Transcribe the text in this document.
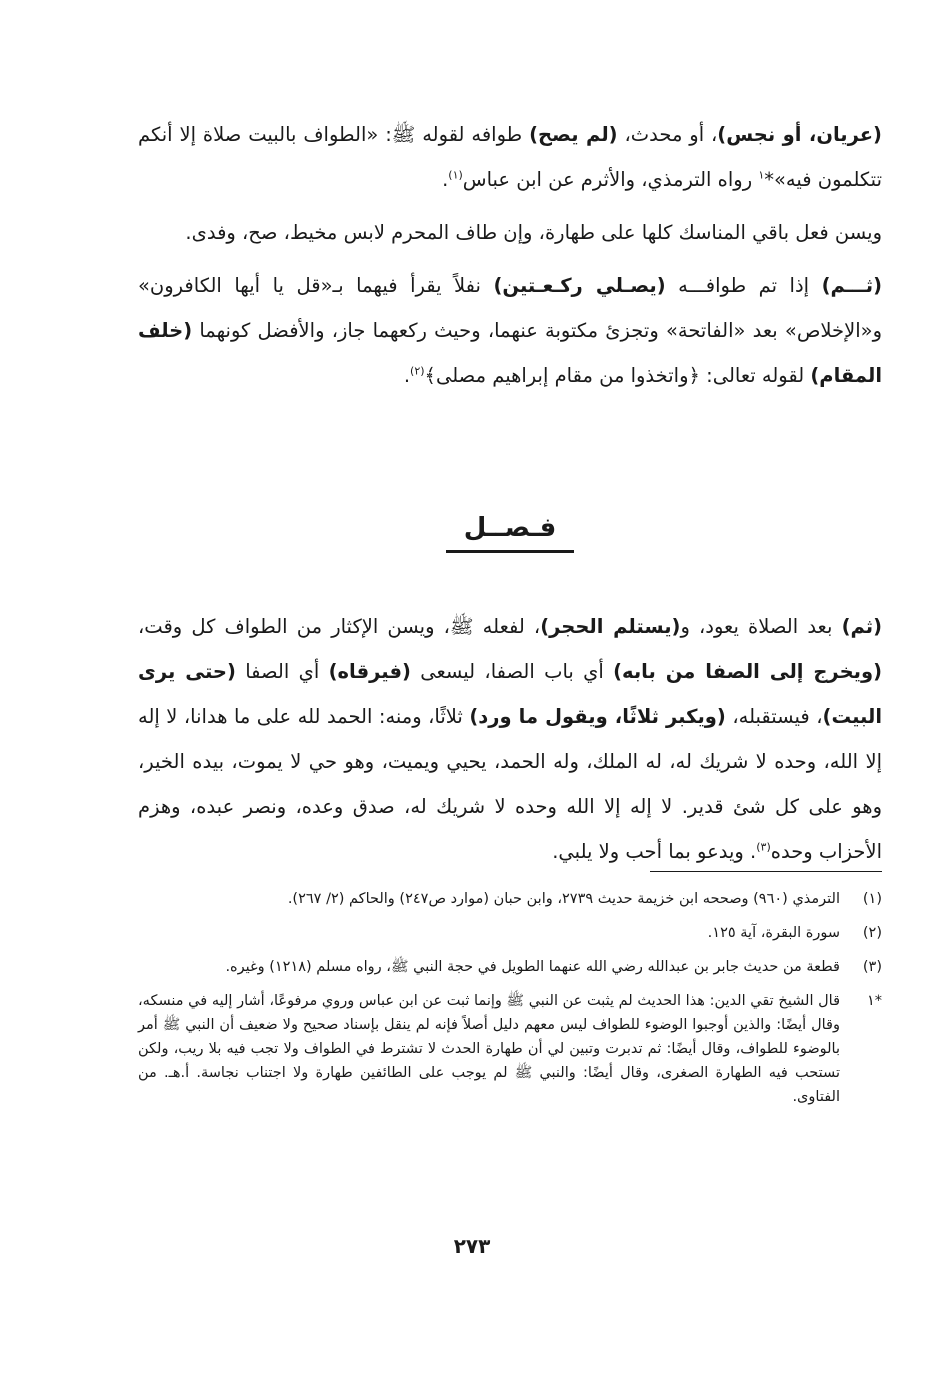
(عريان، أو نجس)، أو محدث، (لم يصح) طوافه لقوله ﷺ: «الطواف بالبيت صلاة إلا أنكم تتكلمون فيه»*$^١$ رواه الترمذي، والأثرم عن ابن عباس$^{(١)}$.

ويسن فعل باقي المناسك كلها على طهارة، وإن طاف المحرم لابس مخيط، صح، وفدى.

(ثـــم) إذا تم طوافـــه (يصـلي ركـعـتين) نفلاً يقرأ فيهما بـ«قل يا أيها الكافرون» و«الإخلاص» بعد «الفاتحة» وتجزئ مكتوبة عنهما، وحيث ركعهما جاز، والأفضل كونهما (خلف المقام) لقوله تعالى: ﴿واتخذوا من مقام إبراهيم مصلى﴾$^{(٢)}$.

فـصــل

(ثم) بعد الصلاة يعود، و(يستلم الحجر)، لفعله ﷺ، ويسن الإكثار من الطواف كل وقت، (ويخرج إلى الصفا من بابه) أي باب الصفا، ليسعى (فيرقاه) أي الصفا (حتى يرى البيت)، فيستقبله، (ويكبر ثلاثًا، ويقول ما ورد) ثلاثًا، ومنه: الحمد لله على ما هدانا، لا إله إلا الله، وحده لا شريك له، له الملك، وله الحمد، يحيي ويميت، وهو حي لا يموت، بيده الخير، وهو على كل شئ قدير. لا إله إلا الله وحده لا شريك له، صدق وعده، ونصر عبده، وهزم الأحزاب وحده$^{(٣)}$. ويدعو بما أحب ولا يلبي.

(١)
الترمذي (٩٦٠) وصححه ابن خزيمة حديث ٢٧٣٩، وابن حبان (موارد ص٢٤٧) والحاكم (٢/ ٢٦٧).
(٢)
سورة البقرة، آية ١٢٥.
(٣)
قطعة من حديث جابر بن عبدالله رضي الله عنهما الطويل في حجة النبي ﷺ، رواه مسلم (١٢١٨) وغيره.
*١
قال الشيخ تقي الدين: هذا الحديث لم يثبت عن النبي ﷺ وإنما ثبت عن ابن عباس وروي مرفوعًا، أشار إليه في منسكه، وقال أيضًا: والذين أوجبوا الوضوء للطواف ليس معهم دليل أصلاً فإنه لم ينقل بإسناد صحيح ولا ضعيف أن النبي ﷺ أمر بالوضوء للطواف، وقال أيضًا: ثم تدبرت وتبين لي أن طهارة الحدث لا تشترط في الطواف ولا تجب فيه بلا ريب، ولكن تستحب فيه الطهارة الصغرى، وقال أيضًا: والنبي ﷺ لم يوجب على الطائفين طهارة ولا اجتناب نجاسة. أ.هـ. من الفتاوى.
٢٧٣
